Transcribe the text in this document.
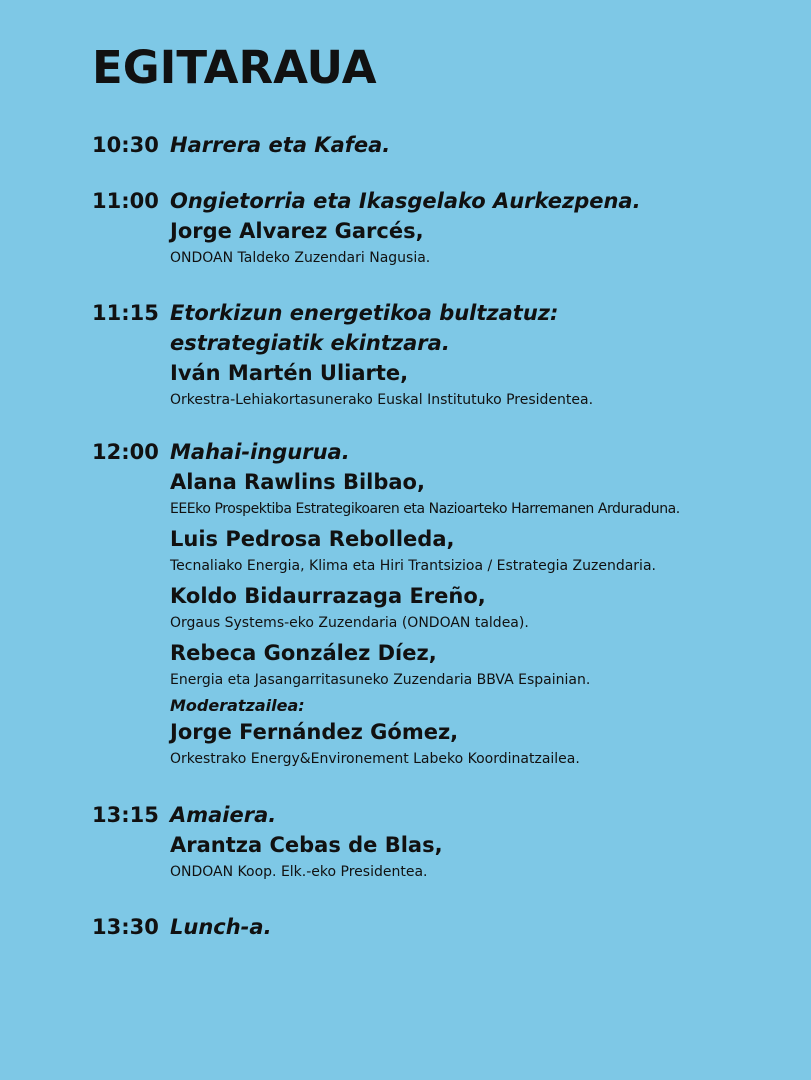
EGITARAUA
10:30 Harrera eta Kafea.
11:00 Ongietorria eta Ikasgelako Aurkezpena.
Jorge Alvarez Garcés,
ONDOAN Taldeko Zuzendari Nagusia.
11:15 Etorkizun energetikoa bultzatuz:
estrategiatik ekintzara.
Iván Martén Uliarte,
Orkestra-Lehiakortasunerako Euskal Institutuko Presidentea.
12:00 Mahai-ingurua.
Alana Rawlins Bilbao,
EEEko Prospektiba Estrategikoaren eta Nazioarteko Harremanen Arduraduna.
Luis Pedrosa Rebolleda,
Tecnaliako Energia, Klima eta Hiri Trantsizioa / Estrategia Zuzendaria.
Koldo Bidaurrazaga Ereño,
Orgaus Systems-eko Zuzendaria (ONDOAN taldea).
Rebeca González Díez,
Energia eta Jasangarritasuneko Zuzendaria BBVA Espainian.
Moderatzailea:
Jorge Fernández Gómez,
Orkestrako Energy&Environement Labeko Koordinatzailea.
13:15 Amaiera.
Arantza Cebas de Blas,
ONDOAN Koop. Elk.-eko Presidentea.
13:30 Lunch-a.
